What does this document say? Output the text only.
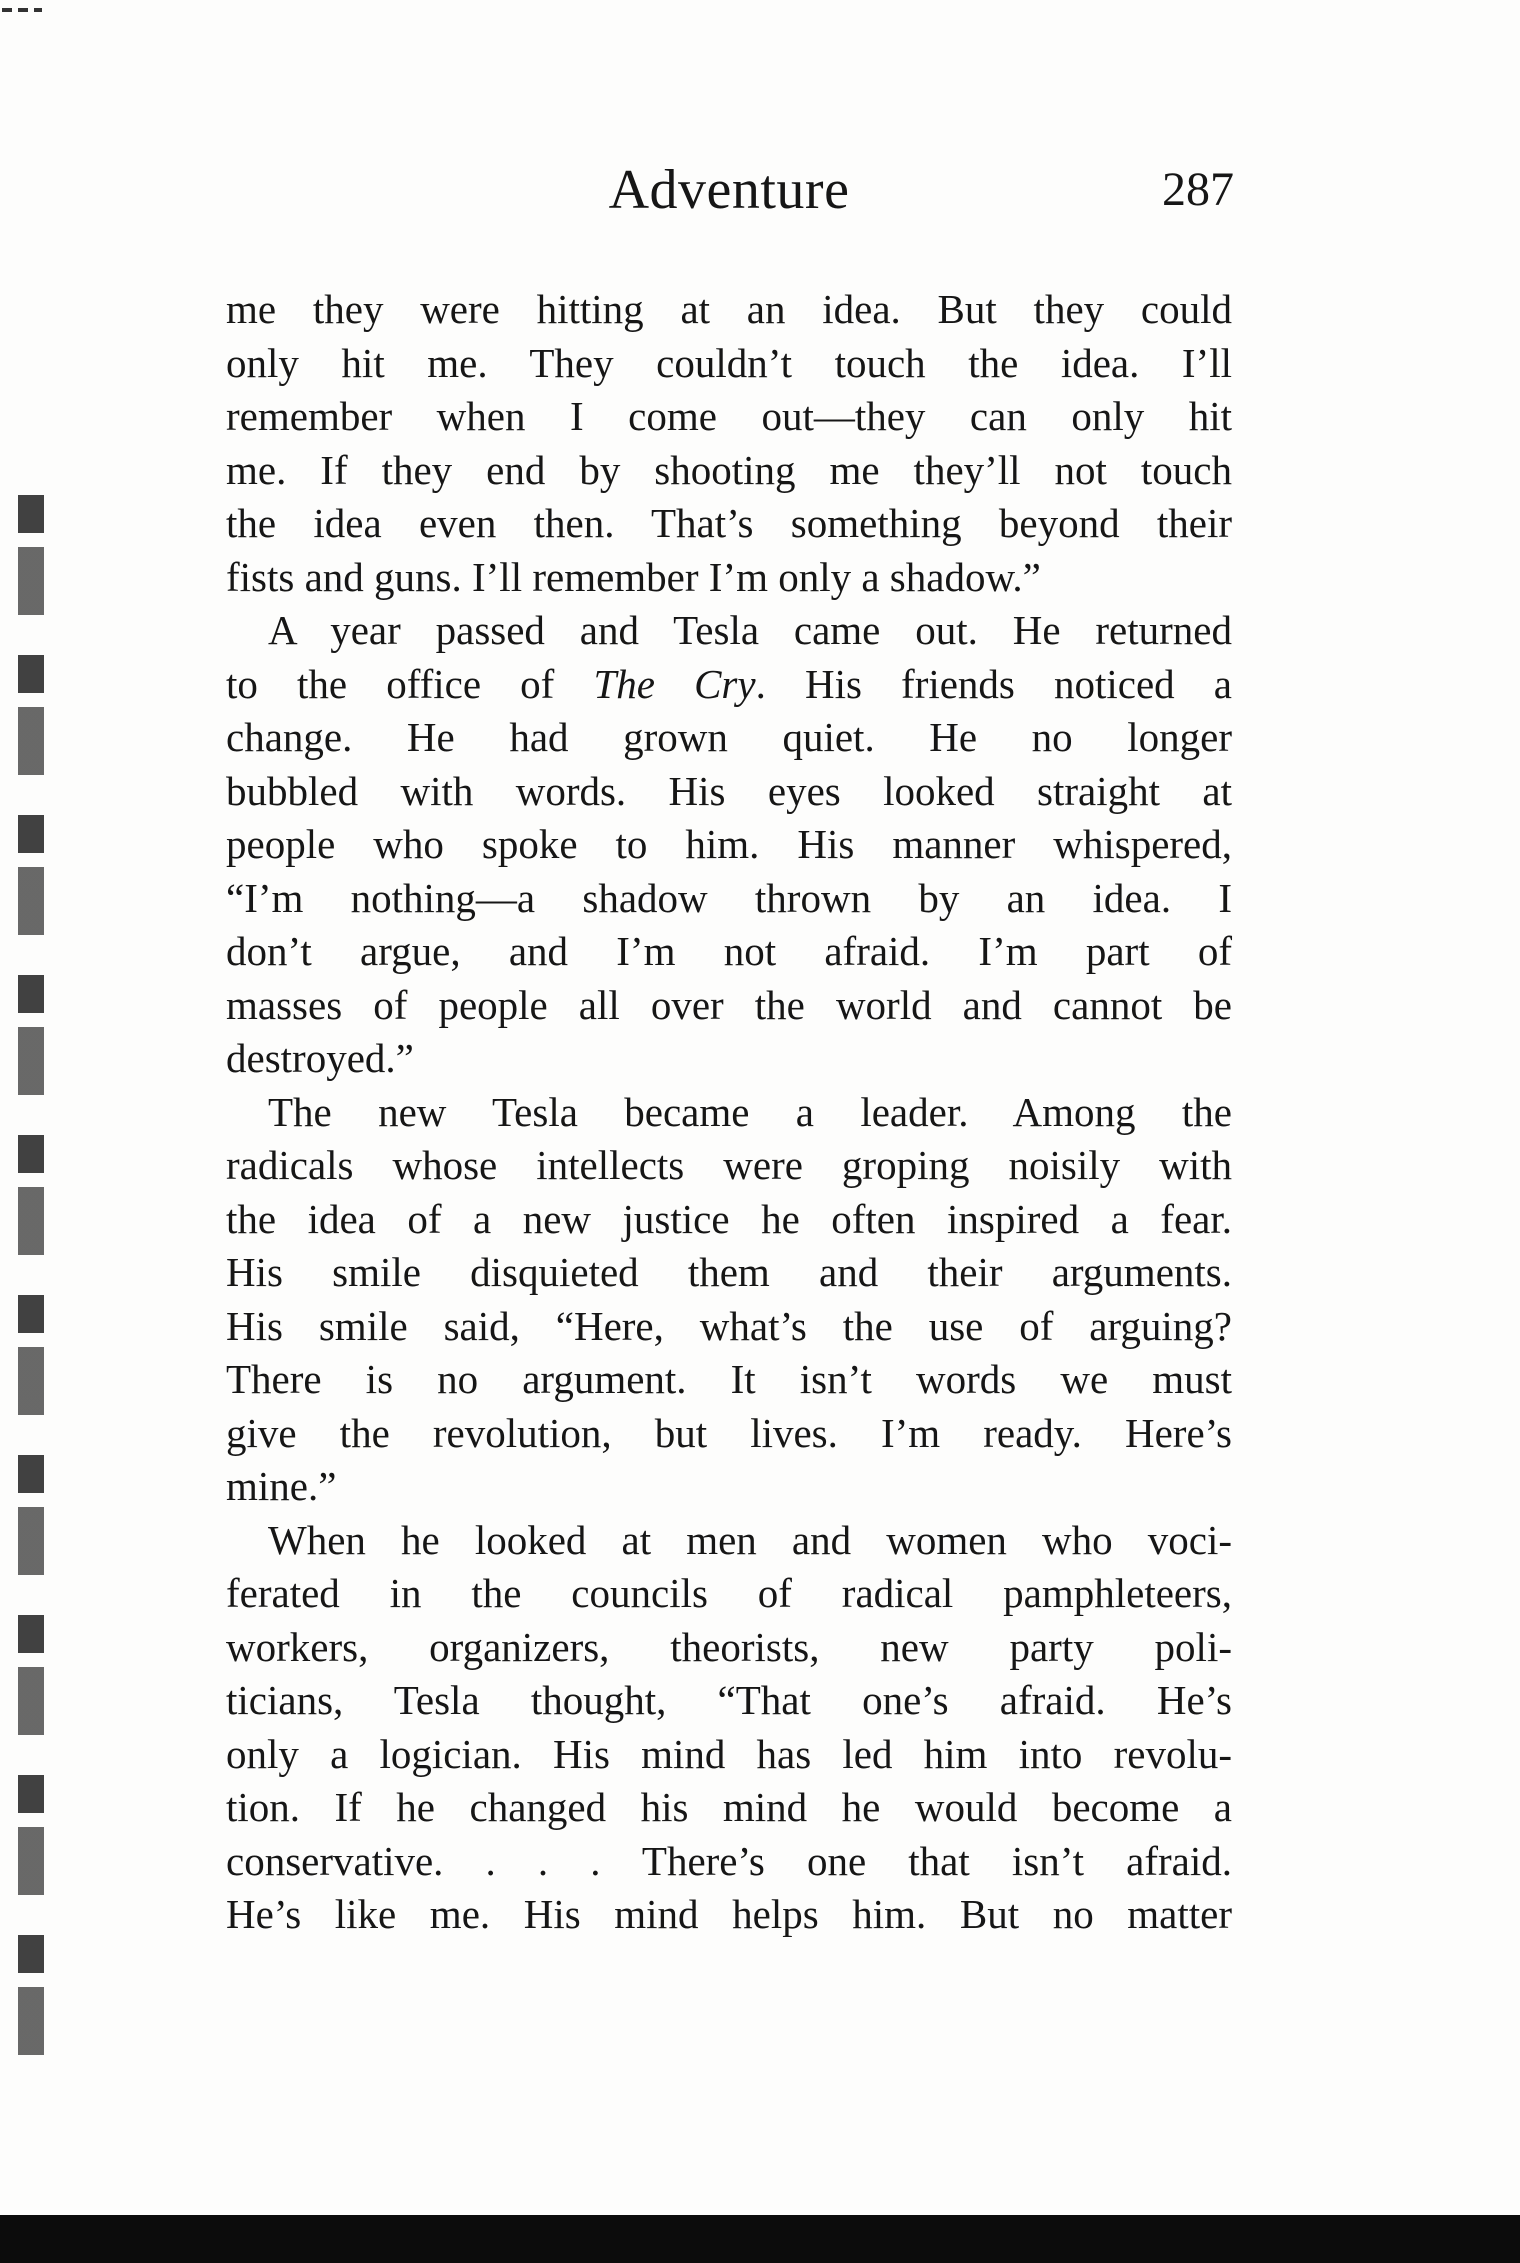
Adventure	287
me they were hitting at an idea. But they could
only hit me. They couldn’t touch the idea. I’ll
remember when I come out—they can only hit
me. If they end by shooting me they’ll not touch
the idea even then. That’s something beyond their
fists and guns. I’ll remember I’m only a shadow.”
A year passed and Tesla came out. He returned
to the office of The Cry. His friends noticed a
change. He had grown quiet. He no longer
bubbled with words. His eyes looked straight at
people who spoke to him. His manner whispered,
“I’m nothing—a shadow thrown by an idea. I
don’t argue, and I’m not afraid. I’m part of
masses of people all over the world and cannot be
destroyed.”
The new Tesla became a leader. Among the
radicals whose intellects were groping noisily with
the idea of a new justice he often inspired a fear.
His smile disquieted them and their arguments.
His smile said, “Here, what’s the use of arguing?
There is no argument. It isn’t words we must
give the revolution, but lives. I’m ready. Here’s
mine.”
When he looked at men and women who voci-
ferated in the councils of radical pamphleteers,
workers, organizers, theorists, new party poli-
ticians, Tesla thought, “That one’s afraid. He’s
only a logician. His mind has led him into revolu-
tion. If he changed his mind he would become a
conservative. . . . There’s one that isn’t afraid.
He’s like me. His mind helps him. But no matter
